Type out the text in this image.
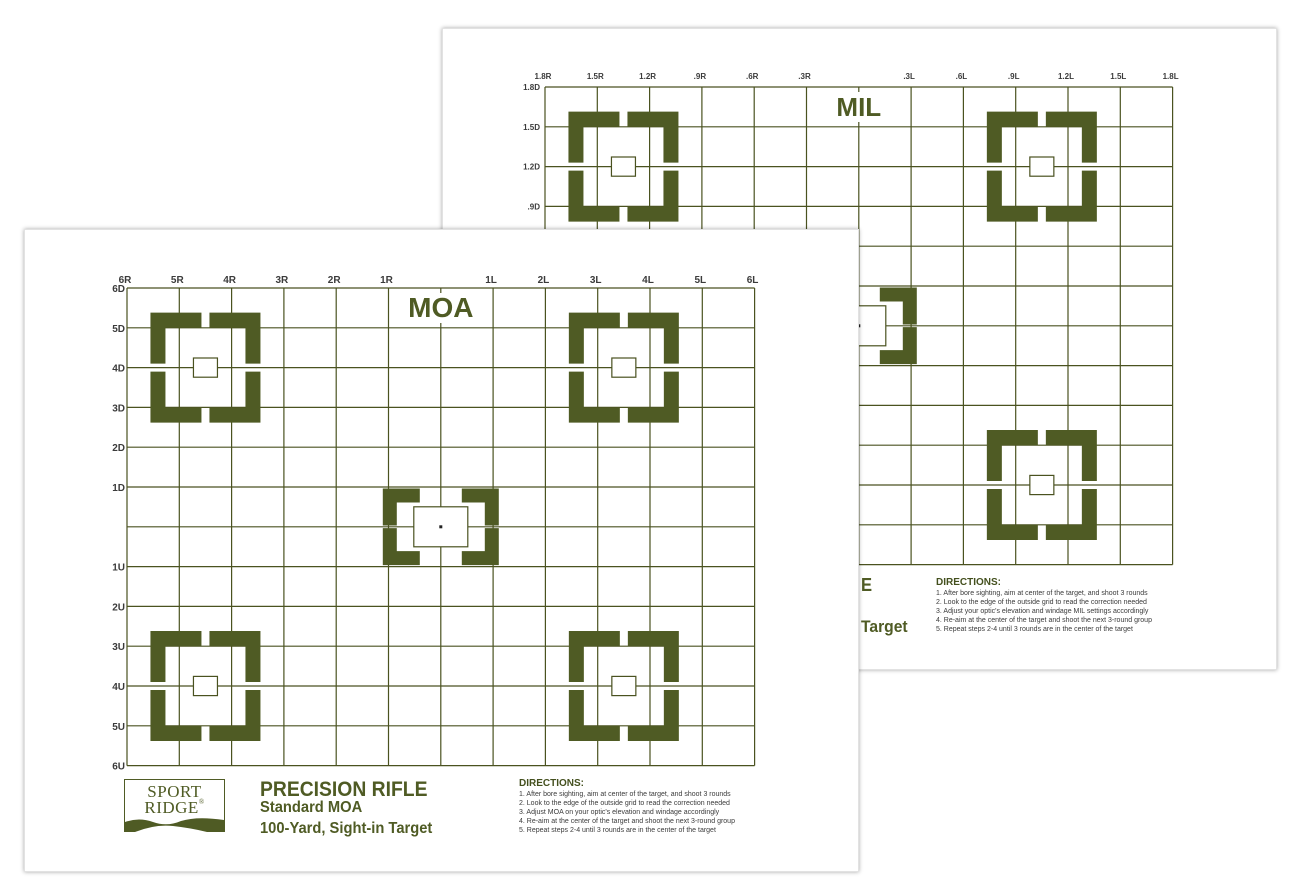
1.8R	1.5R	1.2R	.9R	.6R	.3R	.3L	.6L	.9L	1.2L	1.5L	1.8L
1.8D
1.5D
1.2D
.9D
MIL
DIRECTIONS:
1. After bore sighting, aim at center of the target, and shoot 3 rounds
2. Look to the edge of the outside grid to read the correction needed
3. Adjust your optic's elevation and windage MIL settings accordingly
4. Re-aim at the center of the target and shoot the next 3-round group
5. Repeat steps 2-4 until 3 rounds are in the center of the target
E
Target
6R	5R	4R	3R	2R	1R	1L	2L	3L	4L	5L	6L
6D
5D
4D
3D
2D
1D
1U
2U
3U
4U
5U
6U
MOA
SPORT
RIDGE®
PRECISION RIFLE
Standard MOA
100-Yard, Sight-in Target
DIRECTIONS:
1. After bore sighting, aim at center of the target, and shoot 3 rounds
2. Look to the edge of the outside grid to read the correction needed
3. Adjust MOA on your optic's elevation and windage accordingly
4. Re-aim at the center of the target and shoot the next 3-round group
5. Repeat steps 2-4 until 3 rounds are in the center of the target
